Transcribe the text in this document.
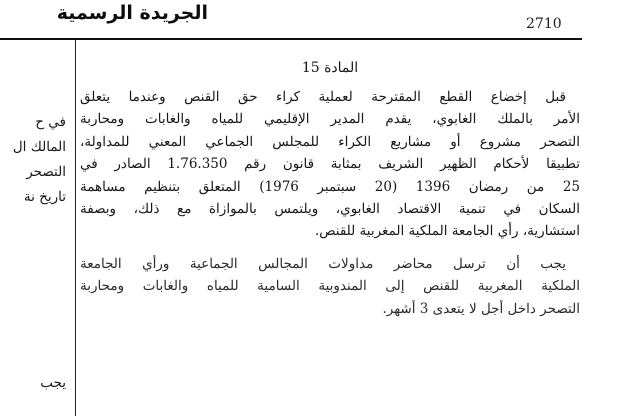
الجريدة الرسمية	2710
في ح
المالك ال
التصحر
تاريخ نة
يجب
المادة 15
قبل إخضاع القطع المقترحة لعملية كراء حق القنص وعندما يتعلق
الأمر بالملك الغابوي، يقدم المدير الإقليمي للمياه والغابات ومحاربة
التصحر مشروع أو مشاريع الكراء للمجلس الجماعي المعني للمداولة،
تطبيقا لأحكام الظهير الشريف بمثابة قانون رقم 1.76.350 الصادر في
25 من رمضان 1396 (20 سبتمبر 1976) المتعلق بتنظيم مساهمة
السكان في تنمية الاقتصاد الغابوي، ويلتمس بالموازاة مع ذلك، وبصفة
استشارية، رأي الجامعة الملكية المغربية للقنص.
يجب أن ترسل محاضر مداولات المجالس الجماعية ورأي الجامعة
الملكية المغربية للقنص إلى المندوبية السامية للمياه والغابات ومحاربة
التصحر داخل أجل لا يتعدى 3 أشهر.
